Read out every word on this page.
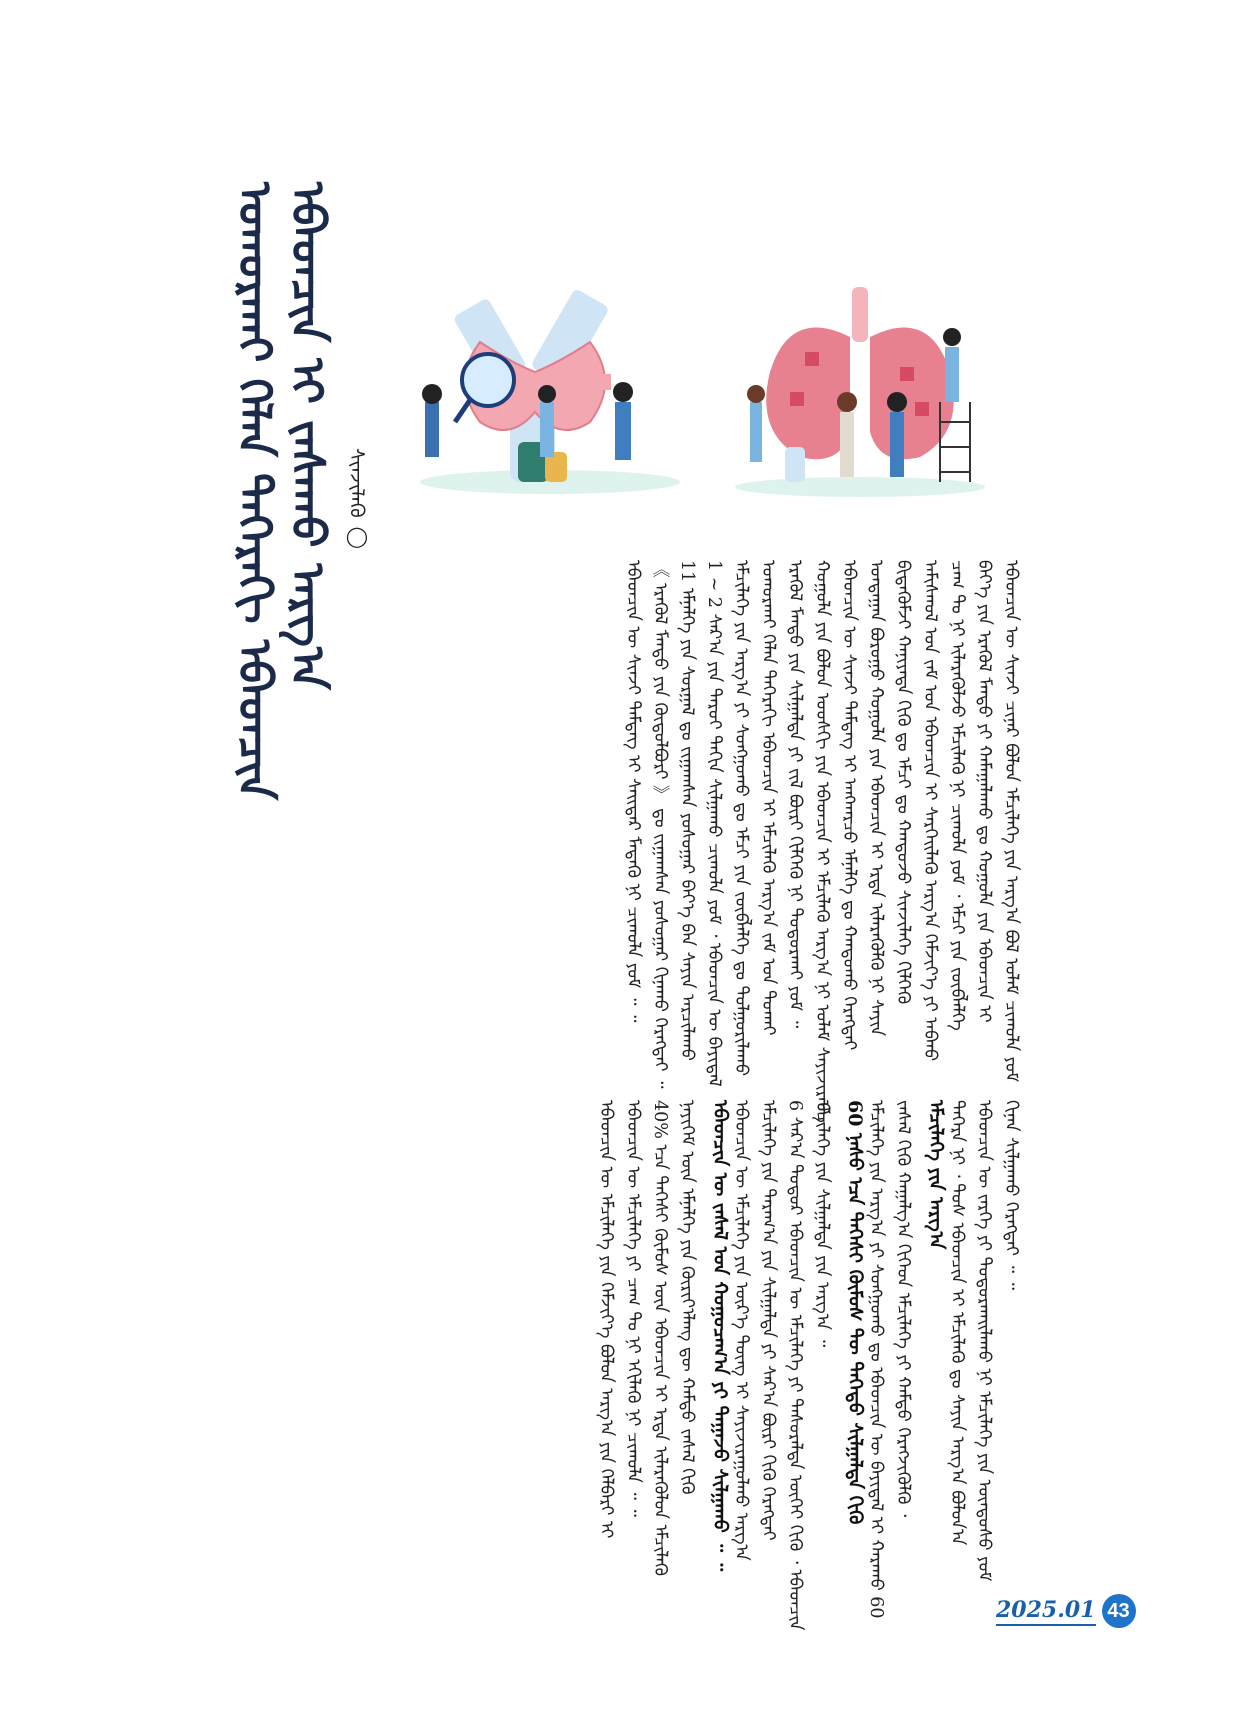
ᠤᠬᠤᠷᠬᠠᠢ ᠬᠡᠯᠡᠨ ᠳᠡᠭᠡᠷᠡᠬᠢ ᠡᠪᠡᠳᠴᠢᠨ ᠡᠪᠡᠳᠴᠢᠨ ᠢ ᠵᠠᠰᠠᠬᠤ ᠠᠷᠭ᠎ᠠ ᠰᠢᠨᠵᠢᠯᠡᠬᠦ ◯
ᠡᠪᠡᠳᠴᠢᠨ ᠦ ᠰᠢᠨᠵᠢ ᠴᠢᠨᠠᠷ ᠪᠣᠯᠤᠨ ᠡᠮᠴᠢᠯᠡᠭᠡ ᠶᠢᠨ ᠠᠷᠭ᠎ᠠ ᠪᠣᠯ ᠤᠯᠠᠮ ᠴᠢᠬᠤᠯᠠ ᠶᠤᠮ
ᠪᠡᠶ᠎ᠡ ᠶᠢᠨ ᠡᠷᠡᠭᠦᠯ ᠮᠡᠨᠳᠦ ᠶᠢ ᠬᠠᠮᠠᠭᠠᠯᠠᠬᠤ ᠳᠤ ᠬᠣᠭᠣᠯᠠ ᠶᠢᠨ ᠡᠪᠡᠳᠴᠢᠨ ᠢ
ᠴᠠᠭ ᠲᠤ ᠨᠢ ᠢᠯᠡᠷᠡᠭᠦᠯᠵᠦ ᠡᠮᠴᠢᠯᠡᠬᠦ ᠨᠢ ᠴᠢᠬᠤᠯᠠ ᠶᠤᠮ ᠂ ᠡᠮᠴᠢ ᠶᠢᠨ ᠵᠦᠪᠯᠡᠯᠭᠡ
ᠠᠮᠢᠰᠬᠤᠯ ᠤᠨ ᠵᠠᠮ ᠤᠨ ᠡᠪᠡᠳᠴᠢᠨ ᠢ ᠰᠡᠷᠭᠡᠢᠯᠡᠬᠦ ᠠᠷᠭ᠎ᠠ ᠬᠡᠮᠵᠢᠶ᠎ᠡ ᠶᠢ ᠠᠪᠬᠤ
ᠪᠢᠲᠡᠭᠦᠮᠵᠢ ᠬᠠᠨᠢᠶᠠᠳᠠ ᠬᠢᠬᠦ ᠳᠤ ᠡᠮᠴᠢ ᠳᠤ ᠬᠠᠨᠳᠤᠵᠤ ᠰᠢᠨᠵᠢᠯᠡᠬᠡ ᠬᠢᠯᠭᠡᠬᠦ
ᠤᠨᠳᠠᠭᠠᠨ ᠪᠤᠷᠤᠭᠤ ᠬᠣᠭᠣᠯᠠ ᠶᠢᠨ ᠡᠪᠡᠳᠴᠢᠨ ᠢ ᠡᠷᠲᠡ ᠢᠯᠡᠷᠡᠭᠦᠯᠬᠦ ᠨᠢ ᠰᠠᠶᠢᠨ
ᠡᠪᠡᠳᠴᠢᠨ ᠦ ᠰᠢᠨᠵᠢ ᠲᠡᠮᠳᠡᠭ ᠢ ᠠᠩᠬᠠᠷᠴᠤ ᠡᠮᠨᠡᠯᠭᠡ ᠳᠤ ᠬᠠᠨᠳᠤᠬᠤ ᠬᠡᠷᠡᠭᠲᠡᠢ
ᠬᠣᠭᠣᠯᠠ ᠶᠢᠨ ᠪᠣᠯᠤᠨ ᠤᠤᠰᠬᠢ ᠶᠢᠨ ᠡᠪᠡᠳᠴᠢᠨ ᠢ ᠡᠮᠴᠢᠯᠡᠬᠦ ᠠᠷᠭ᠎ᠠ ᠨᠢ ᠤᠯᠠᠮ ᠰᠠᠶᠢᠵᠢᠷᠠᠪᠠ
ᠡᠷᠡᠭᠦᠯ ᠮᠡᠨᠳᠦ ᠶᠢᠨ ᠰᠢᠯᠭᠠᠯᠲᠠ ᠶᠢ ᠵᠢᠯ ᠪᠦᠷᠢ ᠬᠢᠯᠭᠡᠬᠦ ᠨᠢ ᠳᠤᠳᠤᠷᠬᠠᠢ ᠶᠤᠮ ᠃
ᠤᠬᠤᠷᠬᠠᠢ ᠬᠡᠯᠡᠨ ᠳᠡᠭᠡᠷᠡᠬᠢ ᠡᠪᠡᠳᠴᠢᠨ ᠢ ᠡᠮᠴᠢᠯᠡᠬᠦ ᠠᠷᠭ᠎ᠠ ᠵᠠᠮ ᠤᠨ ᠲᠤᠬᠠᠢ
ᠡᠮᠴᠢᠯᠡᠭᠡ ᠶᠢᠨ ᠠᠷᠭ᠎ᠠ ᠶᠢ ᠰᠣᠩᠭᠣᠬᠤ ᠳᠤ ᠡᠮᠴᠢ ᠶᠢᠨ ᠵᠦᠪᠯᠡᠯᠭᠡ ᠳᠤ ᠲᠤᠯᠭᠤᠷᠢᠯᠠᠬᠤ
1 ~ 2 ᠰᠠᠷ᠎ᠠ ᠶᠢᠨ ᠳᠠᠷᠤᠢ ᠳᠠᠬᠢᠨ ᠰᠢᠯᠭᠠᠬᠤ ᠴᠢᠬᠤᠯᠠ ᠶᠤᠮ ᠂ ᠡᠪᠡᠳᠴᠢᠨ ᠦ ᠪᠠᠶᠢᠳᠠᠯ
11 ᠡᠮᠨᠡᠯᠭᠡ ᠶᠢᠨ ᠰᠤᠷᠭᠠᠯ ᠳᠤ ᠵᠢᠭᠠᠭᠰᠠᠨ ᠶᠣᠰᠣᠭᠠᠷ ᠪᠡᠶ᠎ᠡ ᠪᠡᠨ ᠰᠠᠶᠢᠨ ᠠᠷᠴᠢᠯᠠᠬᠤ
《 ᠡᠷᠡᠭᠦᠯ ᠮᠡᠨᠳᠦ ᠶᠢᠨ ᠬᠦᠲᠦᠯᠪᠦᠷᠢ 》 ᠳᠤ ᠵᠢᠭᠠᠭᠰᠠᠨ ᠶᠣᠰᠣᠭᠠᠷ ᠬᠢᠨᠠᠬᠤ ᠬᠡᠷᠡᠭᠲᠡᠢ ᠃
ᠡᠪᠡᠳᠴᠢᠨ ᠦ ᠰᠢᠨᠵᠢ ᠲᠡᠮᠳᠡᠭ ᠢ ᠰᠠᠢᠲᠠᠷ ᠮᠡᠳᠡᠬᠦ ᠨᠢ ᠴᠢᠬᠤᠯᠠ ᠶᠤᠮ ᠃ ᠃
ᠬᠢᠨᠠᠨ ᠰᠢᠯᠭᠠᠬᠤ ᠬᠡᠷᠡᠭᠲᠡᠢ ᠃ ᠃
ᠡᠪᠡᠳᠴᠢᠨ ᠦ ᠵᠡᠷᠭᠡ ᠶᠢ ᠲᠣᠳᠣᠷᠬᠠᠢᠯᠠᠬᠤ ᠨᠢ ᠡᠮᠴᠢᠯᠡᠭᠡ ᠶᠢᠨ ᠦᠨᠳᠦᠰᠦ ᠶᠤᠮ
ᠳᠡᠭᠡᠷᠡ ᠨᠢ ᠂ ᠲᠤᠰ ᠡᠪᠡᠳᠴᠢᠨ ᠢ ᠡᠮᠴᠢᠯᠡᠬᠦ ᠳᠤ ᠰᠠᠶᠢᠨ ᠠᠷᠭ᠎ᠠ ᠪᠣᠯᠤᠨ᠎ᠠ
ᠡᠮᠴᠢᠯᠡᠭᠡ ᠶᠢᠨ ᠠᠷᠭ᠎ᠠ
ᠵᠠᠰᠠᠯ ᠬᠢᠬᠦ ᠬᠠᠭᠠᠯᠭ᠎ᠠ ᠬᠢᠭᠡᠳ ᠡᠮᠴᠢᠯᠡᠭᠡ ᠶᠢ ᠬᠠᠮᠲᠤ ᠬᠡᠷᠡᠭᠵᠢᠭᠦᠯᠬᠦ ᠂
ᠡᠮᠴᠢᠯᠡᠭᠡ ᠶᠢᠨ ᠠᠷᠭ᠎ᠠ ᠶᠢ ᠰᠣᠩᠭᠣᠬᠤ ᠳᠤ ᠡᠪᠡᠳᠴᠢᠨ ᠦ ᠪᠠᠶᠢᠳᠠᠯ ᠢ ᠬᠠᠷᠠᠬᠤ 60
60 ᠨᠠᠰᠤ ᠡᠴᠡ ᠳᠡᠭᠡᠰᠢ ᠬᠦᠮᠦᠰ ᠲᠦ ᠳᠡᠭᠡᠳᠦ ᠰᠢᠯᠭᠠᠯᠲᠠ ᠬᠢᠬᠦ
ᠡᠮᠴᠢᠯᠡᠭᠡ ᠶᠢᠨ ᠰᠢᠯᠭᠠᠯᠲᠠ ᠶᠢᠨ ᠠᠷᠭ᠎ᠠ ᠃
6 ᠰᠠᠷ᠎ᠠ ᠳᠤᠲᠤᠷ ᠡᠪᠡᠳᠴᠢᠨ ᠦ ᠡᠮᠴᠢᠯᠡᠭᠡ ᠶᠢ ᠲᠠᠰᠤᠷᠠᠯᠲᠠ ᠦᠭᠡᠢ ᠬᠢᠬᠦ ᠂ ᠡᠪᠡᠳᠴᠢᠨ
ᠡᠮᠴᠢᠯᠡᠭᠡ ᠶᠢᠨ ᠳᠠᠷᠠᠭ᠎ᠠ ᠶᠢᠨ ᠰᠢᠯᠭᠠᠯᠲᠠ ᠶᠢ ᠰᠠᠷ᠎ᠠ ᠪᠦᠷᠢ ᠬᠢᠬᠦ ᠬᠡᠷᠡᠭᠲᠡᠢ
ᠡᠪᠡᠳᠴᠢᠨ ᠦ ᠡᠮᠴᠢᠯᠡᠭᠡ ᠶᠢᠨ ᠦᠷ᠎ᠡ ᠳᠦᠩ ᠢ ᠰᠠᠶᠢᠵᠢᠷᠠᠭᠤᠯᠬᠤ ᠠᠷᠭ᠎ᠠ
ᠡᠪᠡᠳᠴᠢᠨ ᠦ ᠵᠠᠰᠠᠯ ᠤᠨ ᠬᠤᠭᠤᠴᠠᠭ᠎ᠠ ᠶᠢ ᠳᠠᠭᠠᠵᠤ ᠰᠢᠯᠭᠠᠬᠤ ᠃ ᠃
ᠨᠡᠶᠢᠭᠡᠮ ᠦᠨ ᠡᠮᠨᠡᠯᠭᠡ ᠶᠢᠨ ᠬᠦᠷᠢᠶ᠎ᠡᠯᠡᠩ ᠳᠦ ᠬᠠᠮᠲᠤ ᠵᠠᠰᠠᠯ ᠬᠢᠬᠦ
40% ᠡᠴᠡ ᠳᠡᠭᠡᠰᠢ ᠬᠦᠮᠦᠰ ᠦᠨ ᠡᠪᠡᠳᠴᠢᠨ ᠢ ᠡᠷᠲᠡ ᠢᠯᠡᠷᠡᠭᠦᠯᠦᠨ ᠡᠮᠴᠢᠯᠡᠬᠦ
ᠡᠪᠡᠳᠴᠢᠨ ᠦ ᠡᠮᠴᠢᠯᠡᠭᠡ ᠶᠢ ᠴᠠᠭ ᠲᠤ ᠨᠢ ᠡᠬᠢᠯᠡᠬᠦ ᠨᠢ ᠴᠢᠬᠤᠯᠠ ᠃ ᠃
ᠡᠪᠡᠳᠴᠢᠨ ᠦ ᠡᠮᠴᠢᠯᠡᠭᠡ ᠶᠢᠨ ᠬᠡᠮᠵᠢᠶ᠎ᠡ ᠪᠣᠯᠤᠨ ᠠᠷᠭ᠎ᠠ ᠶᠢᠨ ᠬᠡᠯᠪᠡᠷᠢ ᠢ
2025.01 43
